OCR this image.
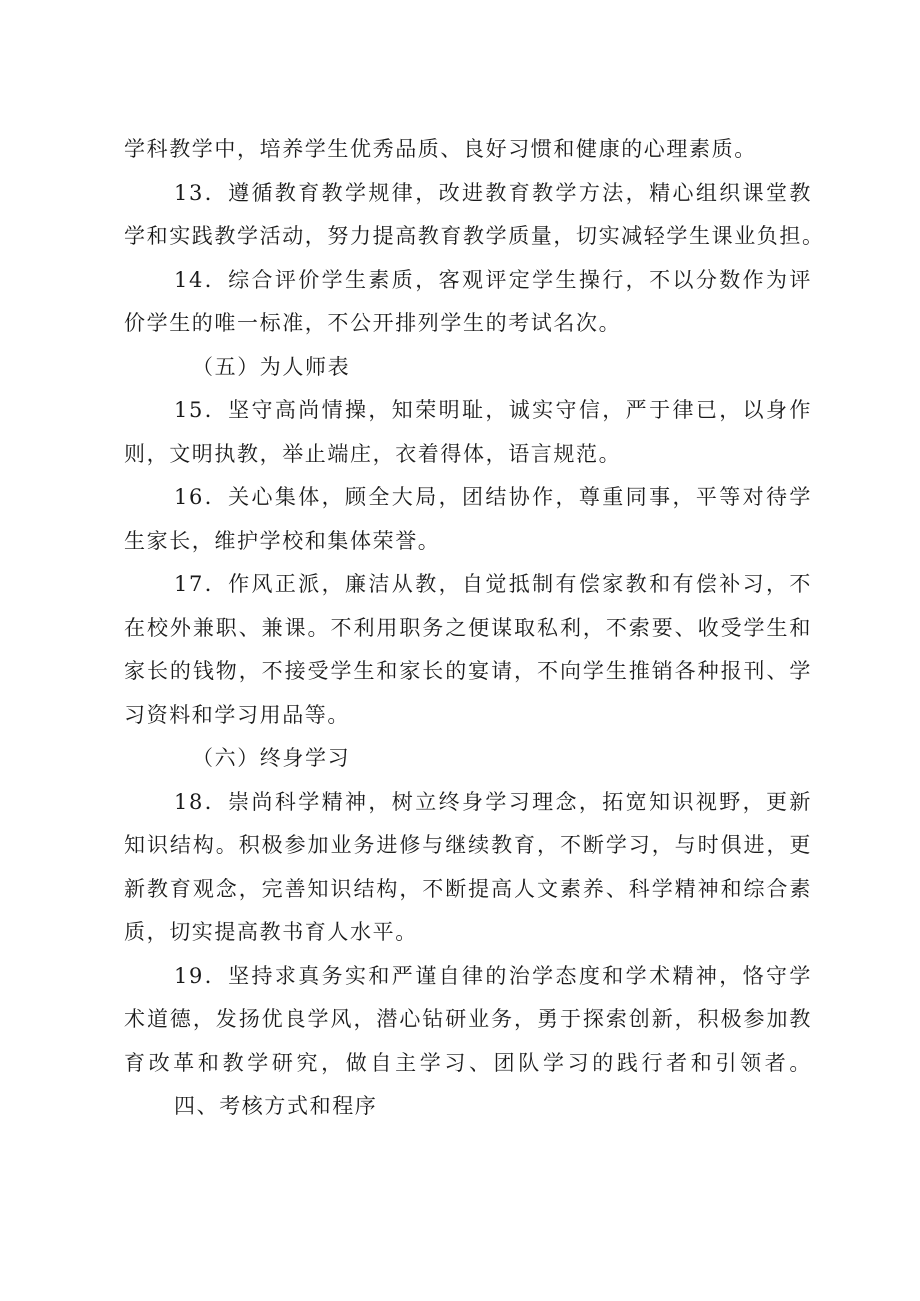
学科教学中，培养学生优秀品质、良好习惯和健康的心理素质。
13．遵循教育教学规律，改进教育教学方法，精心组织课堂教
学和实践教学活动，努力提高教育教学质量，切实减轻学生课业负担。
14．综合评价学生素质，客观评定学生操行，不以分数作为评
价学生的唯一标准，不公开排列学生的考试名次。
（五）为人师表
15．坚守高尚情操，知荣明耻，诚实守信，严于律已，以身作
则，文明执教，举止端庄，衣着得体，语言规范。
16．关心集体，顾全大局，团结协作，尊重同事，平等对待学
生家长，维护学校和集体荣誉。
17．作风正派，廉洁从教，自觉抵制有偿家教和有偿补习，不
在校外兼职、兼课。不利用职务之便谋取私利，不索要、收受学生和
家长的钱物，不接受学生和家长的宴请，不向学生推销各种报刊、学
习资料和学习用品等。
（六）终身学习
18．崇尚科学精神，树立终身学习理念，拓宽知识视野，更新
知识结构。积极参加业务进修与继续教育，不断学习，与时俱进，更
新教育观念，完善知识结构，不断提高人文素养、科学精神和综合素
质，切实提高教书育人水平。
19．坚持求真务实和严谨自律的治学态度和学术精神，恪守学
术道德，发扬优良学风，潜心钻研业务，勇于探索创新，积极参加教
育改革和教学研究，做自主学习、团队学习的践行者和引领者。
四、考核方式和程序
